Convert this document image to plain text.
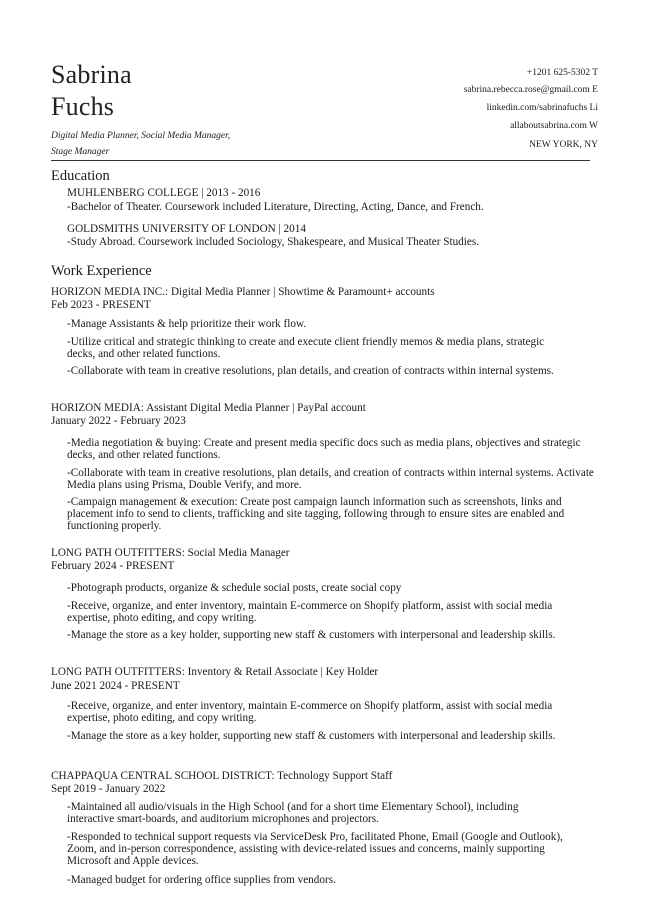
Sabrina
Fuchs
Digital Media Planner, Social Media Manager,
Stage Manager
+1201 625-5302 T
sabrina.rebecca.rose@gmail.com E
linkedin.com/sabrinafuchs Li
allaboutsabrina.com W
NEW YORK, NY
Education
MUHLENBERG COLLEGE | 2013 - 2016
-Bachelor of Theater. Coursework included Literature, Directing, Acting, Dance, and French.
GOLDSMITHS UNIVERSITY OF LONDON | 2014
-Study Abroad. Coursework included Sociology, Shakespeare, and Musical Theater Studies.
Work Experience
HORIZON MEDIA INC.: Digital Media Planner | Showtime & Paramount+ accounts
Feb 2023 - PRESENT
-Manage Assistants & help prioritize their work flow.
-Utilize critical and strategic thinking to create and execute client friendly memos & media plans, strategic decks, and other related functions.
-Collaborate with team in creative resolutions, plan details, and creation of contracts within internal systems.
HORIZON MEDIA: Assistant Digital Media Planner | PayPal account
January 2022 - February 2023
-Media negotiation & buying: Create and present media specific docs such as media plans, objectives and strategic decks, and other related functions.
-Collaborate with team in creative resolutions, plan details, and creation of contracts within internal systems. Activate Media plans using Prisma, Double Verify, and more.
-Campaign management & execution: Create post campaign launch information such as screenshots, links and placement info to send to clients, trafficking and site tagging, following through to ensure sites are enabled and functioning properly.
LONG PATH OUTFITTERS: Social Media Manager
February 2024 - PRESENT
-Photograph products, organize & schedule social posts, create social copy
-Receive, organize, and enter inventory, maintain E-commerce on Shopify platform, assist with social media expertise, photo editing, and copy writing.
-Manage the store as a key holder, supporting new staff & customers with interpersonal and leadership skills.
LONG PATH OUTFITTERS: Inventory & Retail Associate | Key Holder
June 2021 2024 - PRESENT
-Receive, organize, and enter inventory, maintain E-commerce on Shopify platform, assist with social media expertise, photo editing, and copy writing.
-Manage the store as a key holder, supporting new staff & customers with interpersonal and leadership skills.
CHAPPAQUA CENTRAL SCHOOL DISTRICT: Technology Support Staff
Sept 2019 - January 2022
-Maintained all audio/visuals in the High School (and for a short time Elementary School), including interactive smart-boards, and auditorium microphones and projectors.
-Responded to technical support requests via ServiceDesk Pro, facilitated Phone, Email (Google and Outlook), Zoom, and in-person correspondence, assisting with device-related issues and concerns, mainly supporting Microsoft and Apple devices.
-Managed budget for ordering office supplies from vendors.
